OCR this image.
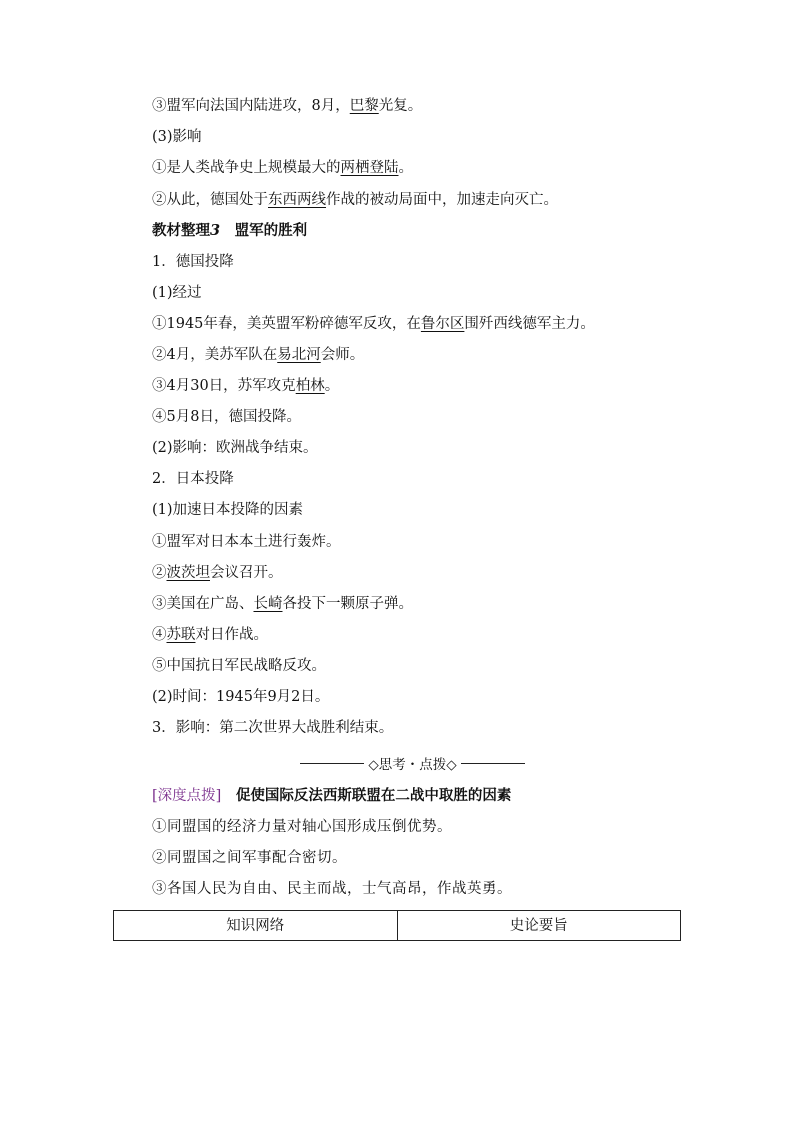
③盟军向法国内陆进攻，8月，巴黎光复。
(3)影响
①是人类战争史上规模最大的两栖登陆。
②从此，德国处于东西两线作战的被动局面中，加速走向灭亡。
教材整理3　盟军的胜利
1．德国投降
(1)经过
①1945年春，美英盟军粉碎德军反攻，在鲁尔区围歼西线德军主力。
②4月，美苏军队在易北河会师。
③4月30日，苏军攻克柏林。
④5月8日，德国投降。
(2)影响：欧洲战争结束。
2．日本投降
(1)加速日本投降的因素
①盟军对日本本土进行轰炸。
②波茨坦会议召开。
③美国在广岛、长崎各投下一颗原子弹。
④苏联对日作战。
⑤中国抗日军民战略反攻。
(2)时间：1945年9月2日。
3．影响：第二次世界大战胜利结束。
◇思考・点拨◇
[深度点拨] 促使国际反法西斯联盟在二战中取胜的因素
①同盟国的经济力量对轴心国形成压倒优势。
②同盟国之间军事配合密切。
③各国人民为自由、民主而战，士气高昂，作战英勇。
知识网络	史论要旨
